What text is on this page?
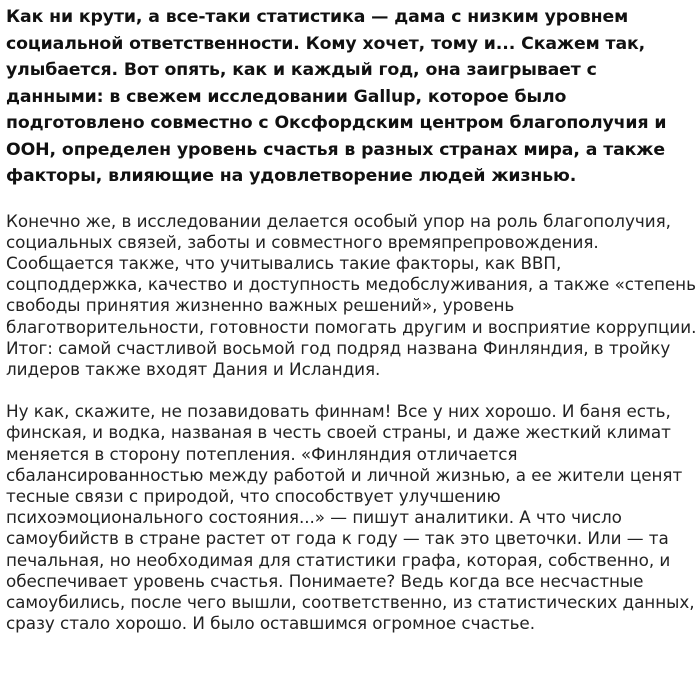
Как ни крути, а все-таки статистика — дама с низким уровнем социальной ответственности. Кому хочет, тому и... Скажем так, улыбается. Вот опять, как и каждый год, она заигрывает с данными: в свежем исследовании Gallup, которое было подготовлено совместно с Оксфордским центром благополучия и ООН, определен уровень счастья в разных странах мира, а также факторы, влияющие на удовлетворение людей жизнью.

Конечно же, в исследовании делается особый упор на роль благополучия, социальных связей, заботы и совместного времяпрепровождения. Сообщается также, что учитывались такие факторы, как ВВП, соцподдержка, качество и доступность медобслуживания, а также «степень свободы принятия жизненно важных решений», уровень благотворительности, готовности помогать другим и восприятие коррупции. Итог: самой счастливой восьмой год подряд названа Финляндия, в тройку лидеров также входят Дания и Исландия.

Ну как, скажите, не позавидовать финнам! Все у них хорошо. И баня есть, финская, и водка, названая в честь своей страны, и даже жесткий климат меняется в сторону потепления. «Финляндия отличается сбалансированностью между работой и личной жизнью, а ее жители ценят тесные связи с природой, что способствует улучшению психоэмоционального состояния...» — пишут аналитики. А что число самоубийств в стране растет от года к году — так это цветочки. Или — та печальная, но необходимая для статистики графа, которая, собственно, и обеспечивает уровень счастья. Понимаете? Ведь когда все несчастные самоубились, после чего вышли, соответственно, из статистических данных, сразу стало хорошо. И было оставшимся огромное счастье.
